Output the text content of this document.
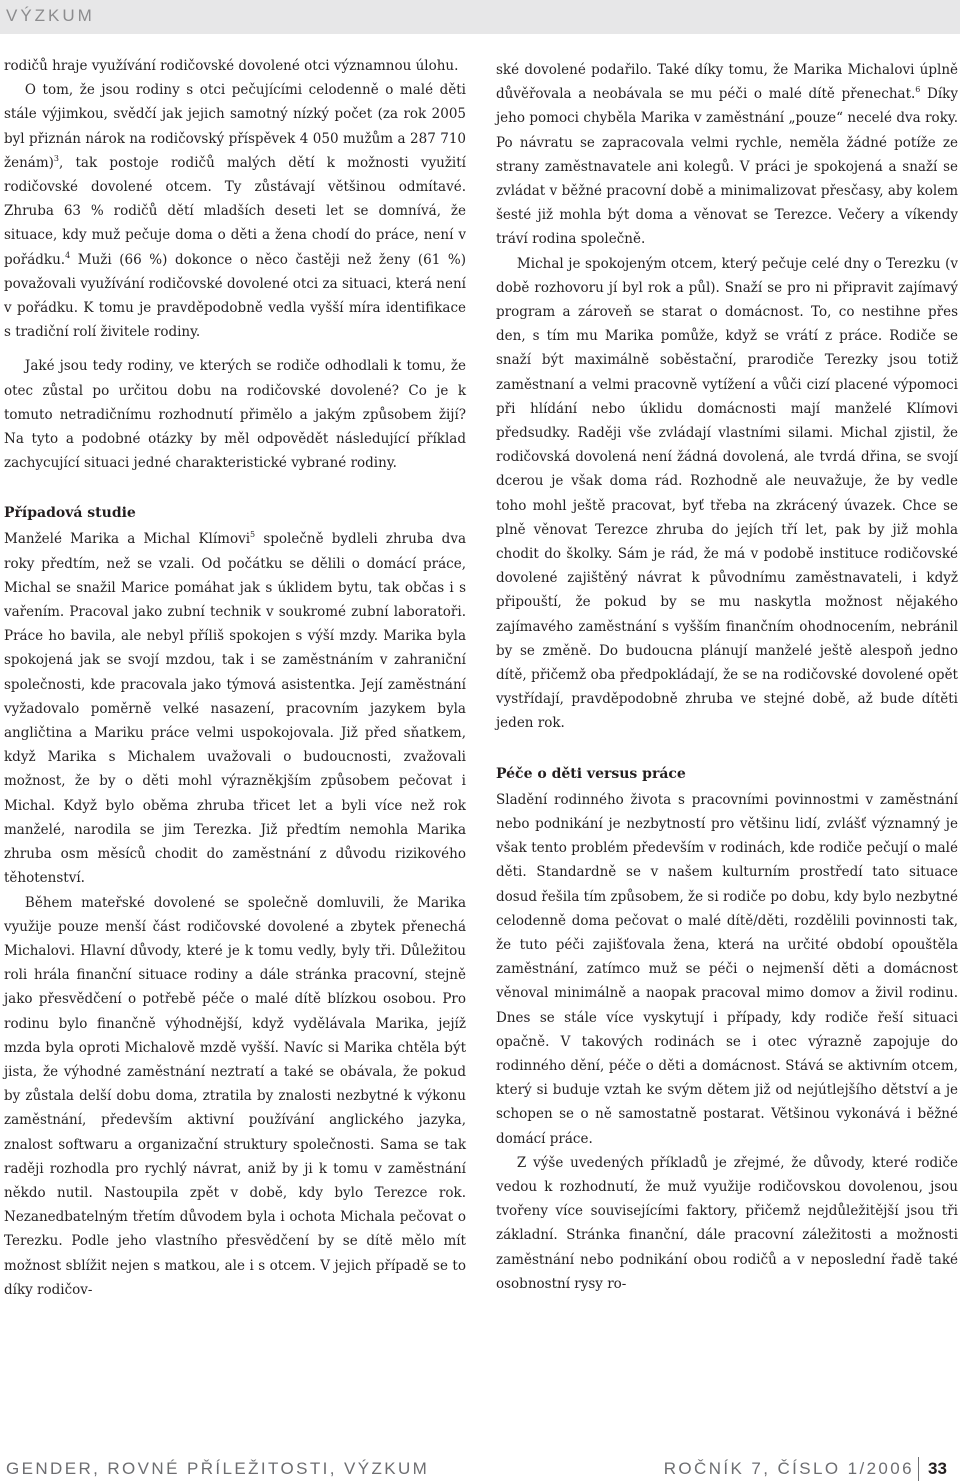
VÝZKUM

rodičů hraje využívání rodičovské dovolené otci významnou úlohu.

O tom, že jsou rodiny s otci pečujícími celodenně o malé děti stále výjimkou, svědčí jak jejich samotný nízký počet (za rok 2005 byl přiznán nárok na rodičovský příspěvek 4 050 mužům a 287 710 ženám)$^3$, tak postoje rodičů malých dětí k možnosti využití rodičovské dovolené otcem. Ty zůstávají většinou odmítavé. Zhruba 63 % rodičů dětí mladších deseti let se domnívá, že situace, kdy muž pečuje doma o děti a žena chodí do práce, není v pořádku.$^4$ Muži (66 %) dokonce o něco častěji než ženy (61 %) považovali využívání rodičovské dovolené otci za situaci, která není v pořádku. K tomu je pravděpodobně vedla vyšší míra identifikace s tradiční rolí živitele rodiny.

Jaké jsou tedy rodiny, ve kterých se rodiče odhodlali k tomu, že otec zůstal po určitou dobu na rodičovské dovolené? Co je k tomuto netradičnímu rozhodnutí přimělo a jakým způsobem žijí? Na tyto a podobné otázky by měl odpovědět následující příklad zachycující situaci jedné charakteristické vybrané rodiny.

Případová studie

Manželé Marika a Michal Klímovi$^5$ společně bydleli zhruba dva roky předtím, než se vzali. Od počátku se dělili o domácí práce, Michal se snažil Marice pomáhat jak s úklidem bytu, tak občas i s vařením. Pracoval jako zubní technik v soukromé zubní laboratoři. Práce ho bavila, ale nebyl příliš spokojen s výší mzdy. Marika byla spokojená jak se svojí mzdou, tak i se zaměstnáním v zahraniční společnosti, kde pracovala jako týmová asistentka. Její zaměstnání vyžadovalo poměrně velké nasazení, pracovním jazykem byla angličtina a Mariku práce velmi uspokojovala. Již před sňatkem, když Marika s Michalem uvažovali o budoucnosti, zvažovali možnost, že by o děti mohl výrazněkjším způsobem pečovat i Michal. Když bylo oběma zhruba třicet let a byli více než rok manželé, narodila se jim Terezka. Již předtím nemohla Marika zhruba osm měsíců chodit do zaměstnání z důvodu rizikového těhotenství.

Během mateřské dovolené se společně domluvili, že Marika využije pouze menší část rodičovské dovolené a zbytek přenechá Michalovi. Hlavní důvody, které je k tomu vedly, byly tři. Důležitou roli hrála finanční situace rodiny a dále stránka pracovní, stejně jako přesvědčení o potřebě péče o malé dítě blízkou osobou. Pro rodinu bylo finančně výhodnější, když vydělávala Marika, jejíž mzda byla oproti Michalově mzdě vyšší. Navíc si Marika chtěla být jista, že výhodné zaměstnání neztratí a také se obávala, že pokud by zůstala delší dobu doma, ztratila by znalosti nezbytné k výkonu zaměstnání, především aktivní používání anglického jazyka, znalost softwaru a organizační struktury společnosti. Sama se tak raději rozhodla pro rychlý návrat, aniž by ji k tomu v zaměstnání někdo nutil. Nastoupila zpět v době, kdy bylo Terezce rok. Nezanedbatelným třetím důvodem byla i ochota Michala pečovat o Terezku. Podle jeho vlastního přesvědčení by se dítě mělo mít možnost sblížit nejen s matkou, ale i s otcem. V jejich případě se to díky rodičov-

ské dovolené podařilo. Také díky tomu, že Marika Michalovi úplně důvěřovala a neobávala se mu péči o malé dítě přenechat.$^6$ Díky jeho pomoci chyběla Marika v zaměstnání „pouze“ necelé dva roky. Po návratu se zapracovala velmi rychle, neměla žádné potíže ze strany zaměstnavatele ani kolegů. V práci je spokojená a snaží se zvládat v běžné pracovní době a minimalizovat přesčasy, aby kolem šesté již mohla být doma a věnovat se Terezce. Večery a víkendy tráví rodina společně.

Michal je spokojeným otcem, který pečuje celé dny o Terezku (v době rozhovoru jí byl rok a půl). Snaží se pro ni připravit zajímavý program a zároveň se starat o domácnost. To, co nestihne přes den, s tím mu Marika pomůže, když se vrátí z práce. Rodiče se snaží být maximálně soběstační, prarodiče Terezky jsou totiž zaměstnaní a velmi pracovně vytížení a vůči cizí placené výpomoci při hlídání nebo úklidu domácnosti mají manželé Klímovi předsudky. Raději vše zvládají vlastními silami. Michal zjistil, že rodičovská dovolená není žádná dovolená, ale tvrdá dřina, se svojí dcerou je však doma rád. Rozhodně ale neuvažuje, že by vedle toho mohl ještě pracovat, byť třeba na zkrácený úvazek. Chce se plně věnovat Terezce zhruba do jejích tří let, pak by již mohla chodit do školky. Sám je rád, že má v podobě instituce rodičovské dovolené zajištěný návrat k původnímu zaměstnavateli, i když připouští, že pokud by se mu naskytla možnost nějakého zajímavého zaměstnání s vyšším finančním ohodnocením, nebránil by se změně. Do budoucna plánují manželé ještě alespoň jedno dítě, přičemž oba předpokládají, že se na rodičovské dovolené opět vystřídají, pravděpodobně zhruba ve stejné době, až bude dítěti jeden rok.

Péče o děti versus práce

Sladění rodinného života s pracovními povinnostmi v zaměstnání nebo podnikání je nezbytností pro většinu lidí, zvlášť významný je však tento problém především v rodinách, kde rodiče pečují o malé děti. Standardně se v našem kulturním prostředí tato situace dosud řešila tím způsobem, že si rodiče po dobu, kdy bylo nezbytné celodenně doma pečovat o malé dítě/děti, rozdělili povinnosti tak, že tuto péči zajišťovala žena, která na určité období opouštěla zaměstnání, zatímco muž se péči o nejmenší děti a domácnost věnoval minimálně a naopak pracoval mimo domov a živil rodinu. Dnes se stále více vyskytují i případy, kdy rodiče řeší situaci opačně. V takových rodinách se i otec výrazně zapojuje do rodinného dění, péče o děti a domácnost. Stává se aktivním otcem, který si buduje vztah ke svým dětem již od nejútlejšího dětství a je schopen se o ně samostatně postarat. Většinou vykonává i běžné domácí práce.

Z výše uvedených příkladů je zřejmé, že důvody, které rodiče vedou k rozhodnutí, že muž využije rodičovskou dovolenou, jsou tvořeny více souvisejícími faktory, přičemž nejdůležitější jsou tři základní. Stránka finanční, dále pracovní záležitosti a možnosti zaměstnání nebo podnikání obou rodičů a v neposlední řadě také osobnostní rysy ro-

GENDER, ROVNÉ PŘÍLEŽITOSTI, VÝZKUM	ROČNÍK 7, ČÍSLO 1/2006 33
